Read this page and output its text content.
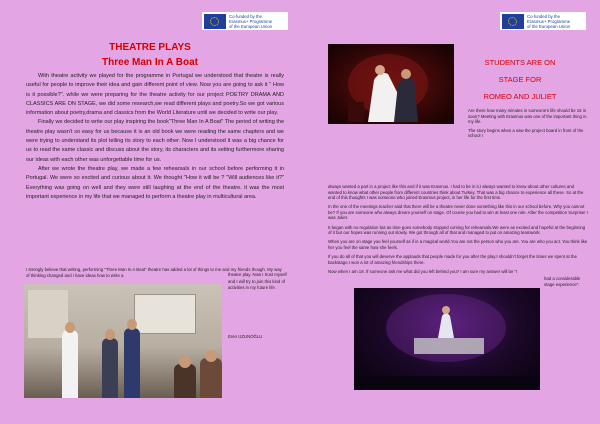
Co-funded by the
Erasmus+ Programme
of the European Union
THEATRE PLAYS
Three Man In A Boat

With theatre activity we played for the programme in Portugal we understood that theatre is really useful for people to improve their idea and gain different point of view. Now you are going to ask it " How is it possible?". while we were preparing for the theatre activity for our project POETRY DRAMA AND CLASSICS ARE ON STAGE, we did some research,we read different plays and poetry.So we got various information about poetry,drama and classics from the World Literature until we decided to write our play.

Finally we decided to write our play inspiring the book"Three Man In A Boat" The period of writing the theatre play wasn't so easy for us because it is an old book we were reading the same chapters and we were trying to understand its plot telling its story to each other. Now I understood it was a big chance for us to read the same classic and discuss about the story, its characters and its setting furthermore sharing our ideas with each other was unforgettable time for us.

After we wrote the theatre play, we made a few rehearsals in our school before performing it in Portugal. We were so excited and curious about it. We thought "How it will be ? "Will audiences like it?" Everything was going on well and they were still laughing at the end of the theatre. it was the most important experience in my life that we managed to perform a theatre play in multicultural area.

I strongly believe that writing, performing "Three Man In A Boat" theatre has added a lot of things to me and my friends though. My way of thinking changed and i have ideas how to write a	theatre play. Now I trust myself and I will try to join this kind of activities in my future life.
Eren UZUNOĞLU
Co-funded by the
Erasmus+ Programme
of the European Union
STUDENTS ARE ON
STAGE FOR
ROMEO AND JULIET

Are there how many minutes in someone's life should be 16 in soon? Meeting with Erasmus was one of the important thing in my life.

The story begins when a saw the project board in front of the school I

always wanted a part in a project like this and if it was Erasmus. I had to be in it.I always wanted to know about other cultures and wanted to know what other people from different countries think about Turkey. That was a big chance to experience all these. So at the end of this thoughts I was someone who joined Erasmus project, in her life for the first time.

In the one of the meetings teacher said that there will be a theatre never done something like this in our school before. Why you cannot be? If you are someone who always dream yourself on stage. Of course you had to win at least one role. After the competition Surprise! I was Juliet.

It began with no regulation but as time goes somebody stopped coming for rehearsals.We were as excited and hopeful at the beginning of it but our hopes was running out slowly. We got through all of that and managed to put on amazing teamwork.

When you are on stage you feel yourself as if in a magical world.You are not the person who you are. You are who you act. You think like her you feel the same how she feels.

If you do all of that you will deserve the applauds that people made for you after the play.I shouldn't forget the times we spent at the backstage.I won a lot of amazing friendships there.

Now when I am 18. If someone ask me what did you left behind you? I am sure my answer will be "I

had a considerable stage experience".
